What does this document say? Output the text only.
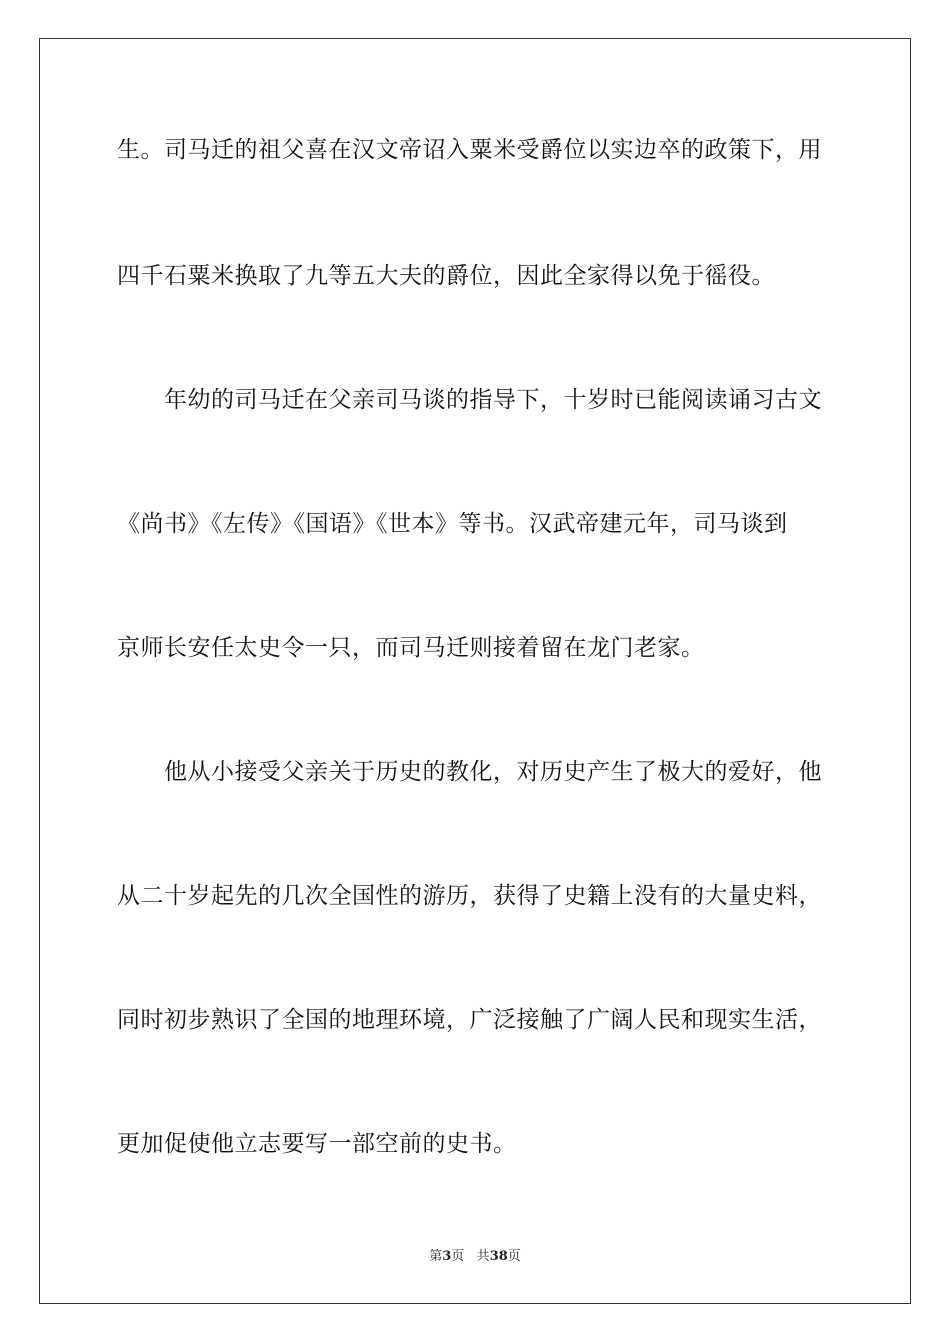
生。司马迁的祖父喜在汉文帝诏入粟米受爵位以实边卒的政策下，用
四千石粟米换取了九等五大夫的爵位，因此全家得以免于徭役。
　　年幼的司马迁在父亲司马谈的指导下，十岁时已能阅读诵习古文
《尚书》《左传》《国语》《世本》等书。汉武帝建元年，司马谈到
京师长安任太史令一只，而司马迁则接着留在龙门老家。
　　他从小接受父亲关于历史的教化，对历史产生了极大的爱好，他
从二十岁起先的几次全国性的游历，获得了史籍上没有的大量史料，
同时初步熟识了全国的地理环境，广泛接触了广阔人民和现实生活，
更加促使他立志要写一部空前的史书。
第3页 共38页
